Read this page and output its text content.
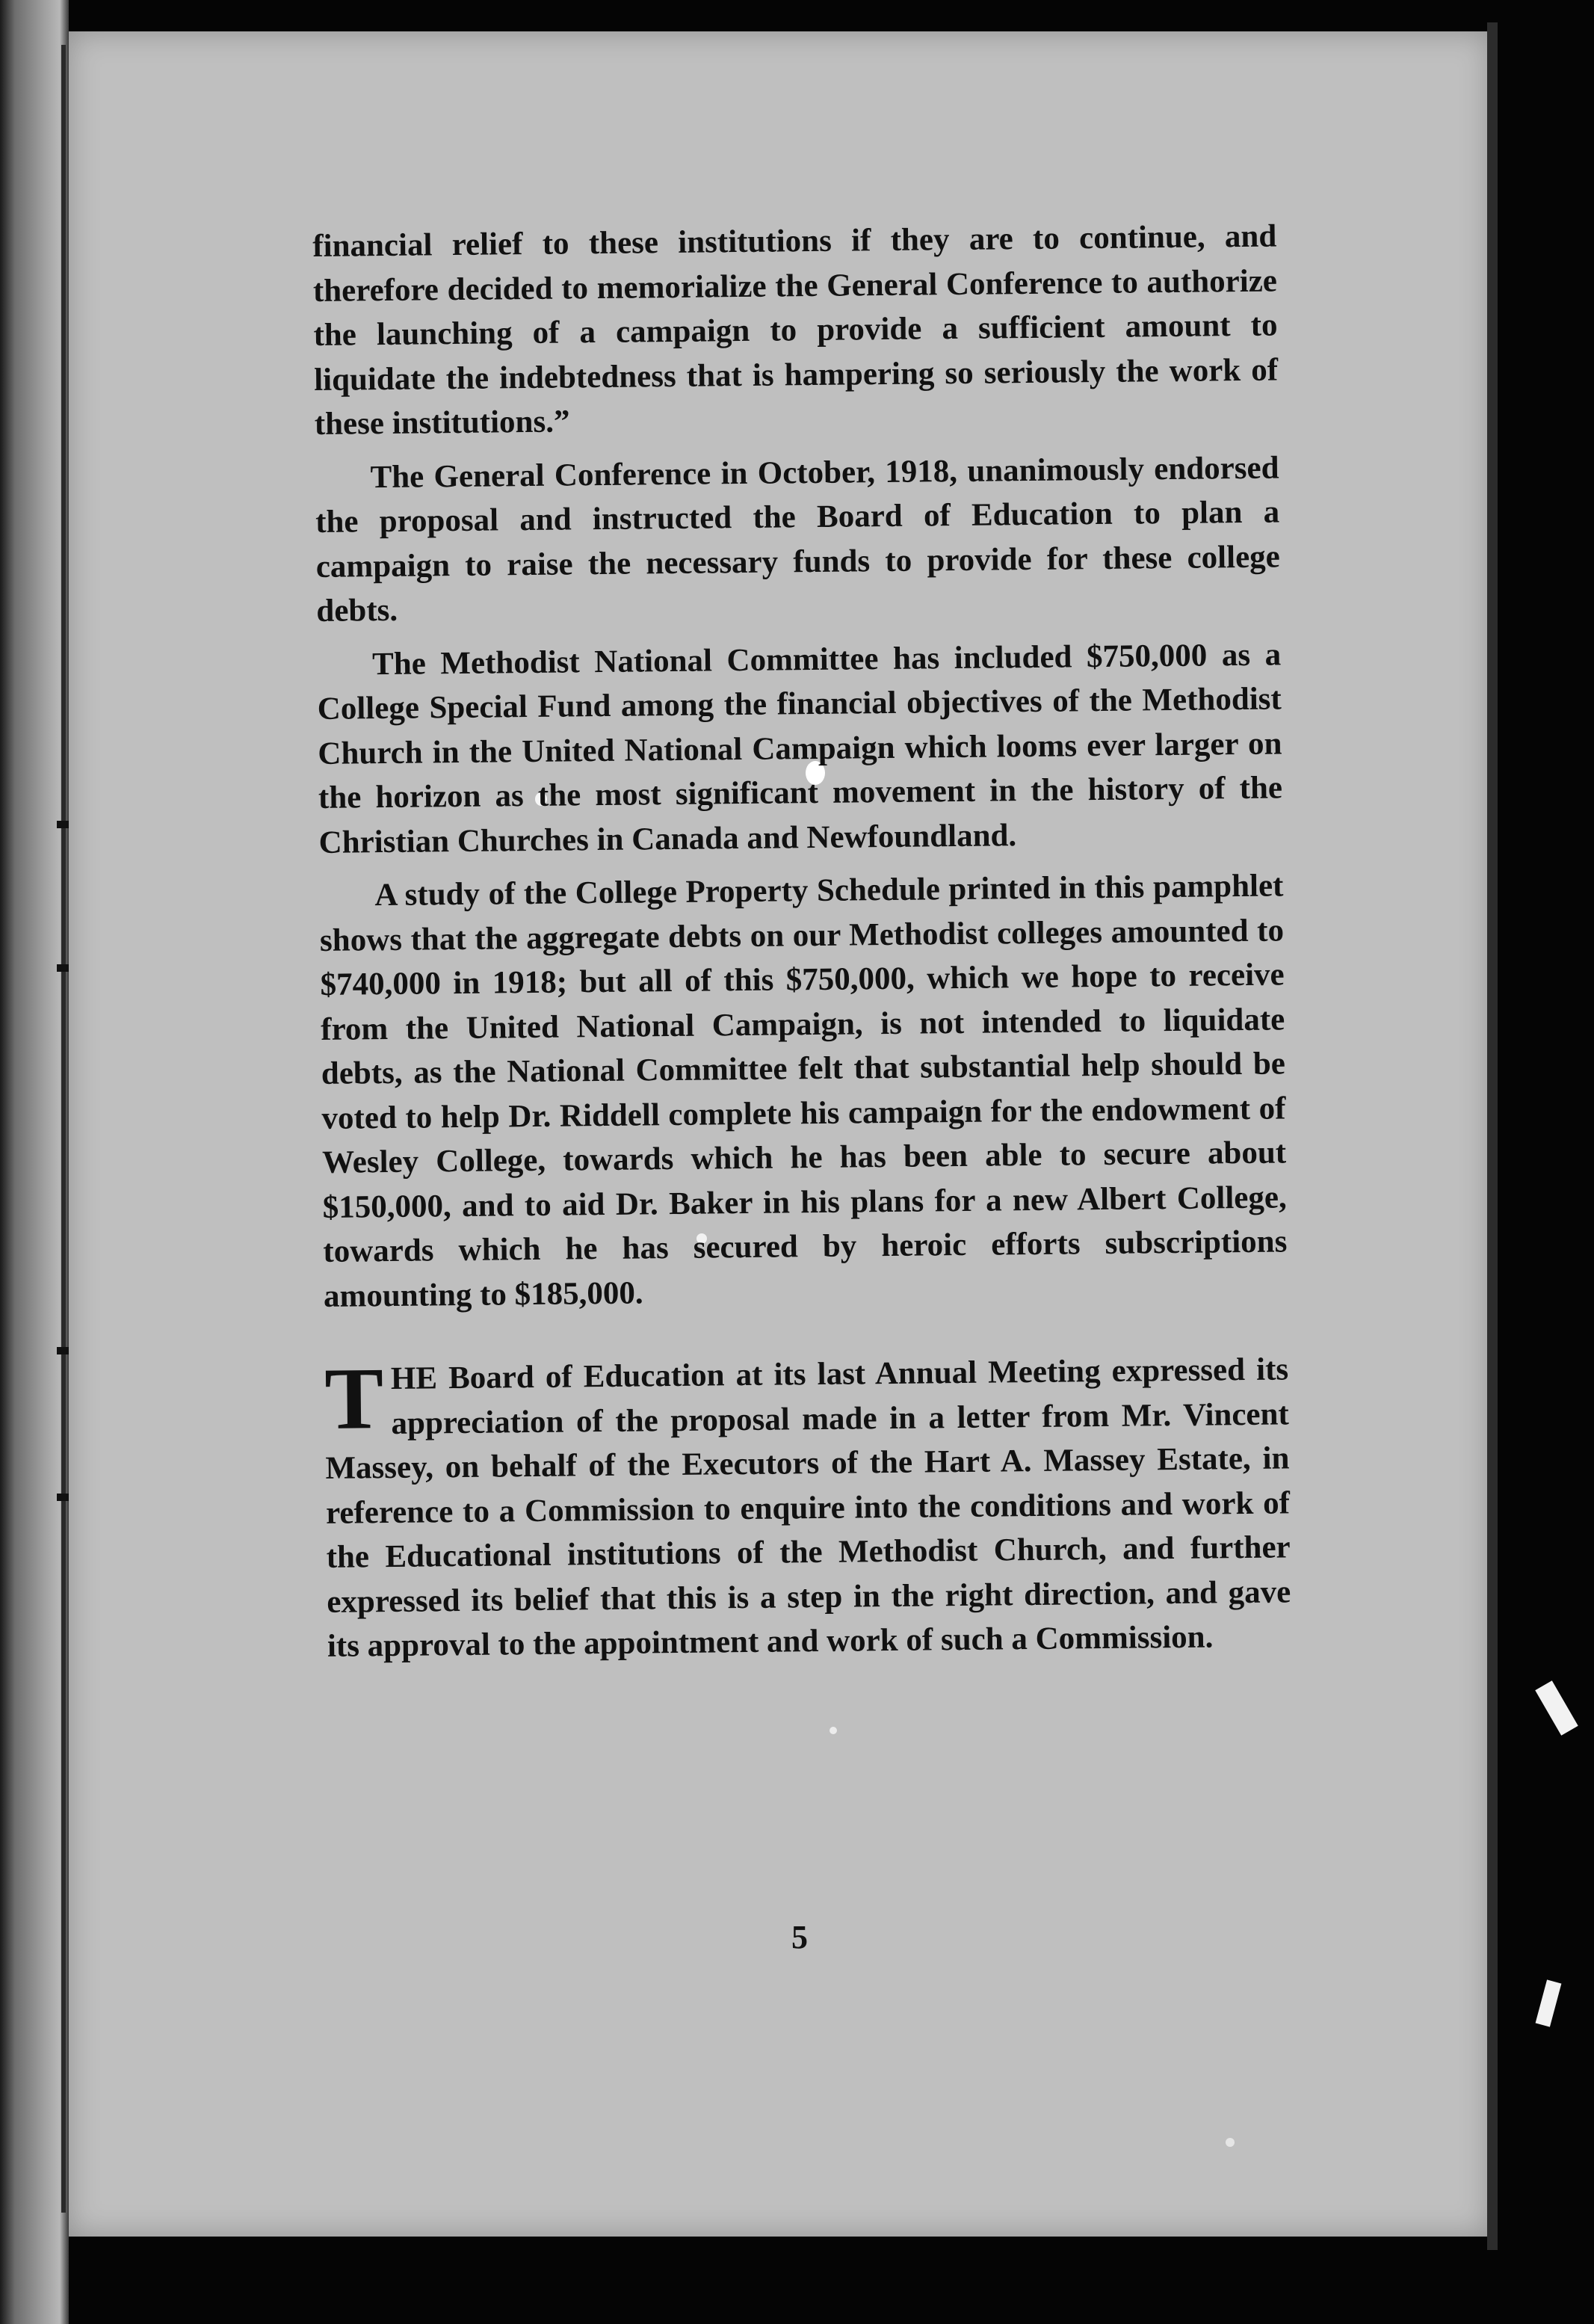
financial relief to these institutions if they are to continue, and therefore decided to memorialize the General Conference to authorize the launching of a campaign to provide a sufficient amount to liquidate the indebtedness that is hampering so seriously the work of these institutions.”

The General Conference in October, 1918, unanimously endorsed the proposal and instructed the Board of Education to plan a campaign to raise the necessary funds to provide for these college debts.

The Methodist National Committee has included $750,000 as a College Special Fund among the financial objectives of the Methodist Church in the United National Campaign which looms ever larger on the horizon as the most significant movement in the history of the Christian Churches in Canada and Newfoundland.

A study of the College Property Schedule printed in this pamphlet shows that the aggregate debts on our Methodist colleges amounted to $740,000 in 1918; but all of this $750,000, which we hope to receive from the United National Campaign, is not intended to liquidate debts, as the National Committee felt that substantial help should be voted to help Dr. Riddell complete his campaign for the endowment of Wesley College, towards which he has been able to secure about $150,000, and to aid Dr. Baker in his plans for a new Albert College, towards which he has secured by heroic efforts subscriptions amounting to $185,000.

T HE Board of Education at its last Annual Meeting expressed its appreciation of the proposal made in a letter from Mr. Vincent Massey, on behalf of the Executors of the Hart A. Massey Estate, in reference to a Commission to enquire into the conditions and work of the Educational institutions of the Methodist Church, and further expressed its belief that this is a step in the right direction, and gave its approval to the appointment and work of such a Commission.

5
